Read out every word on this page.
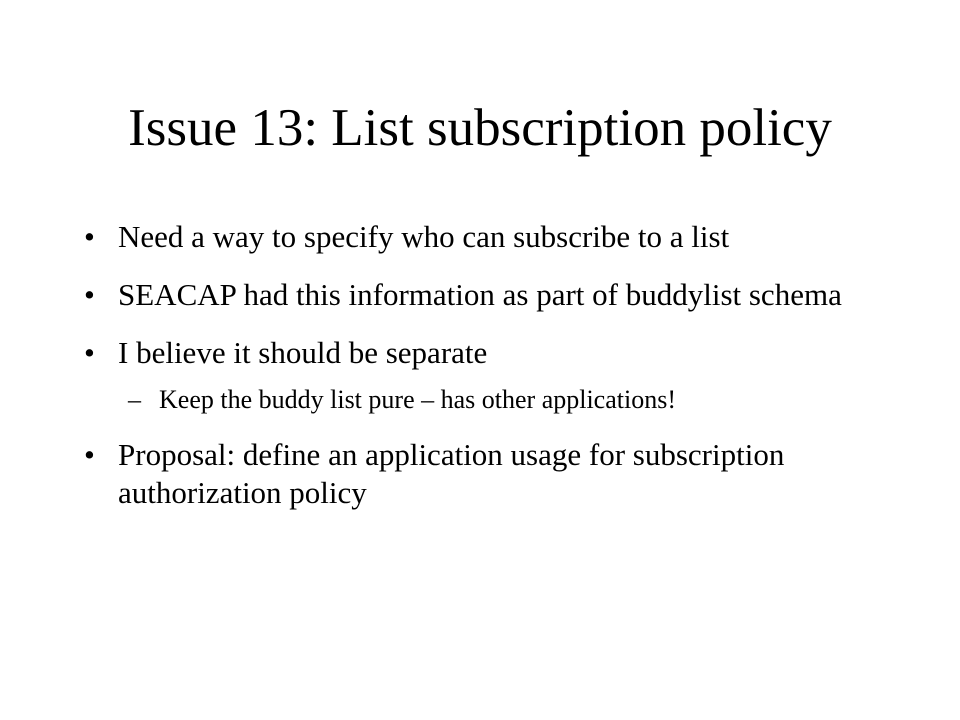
Issue 13: List subscription policy
• Need a way to specify who can subscribe to a list
• SEACAP had this information as part of buddylist schema
• I believe it should be separate
– Keep the buddy list pure – has other applications!
• Proposal: define an application usage for subscription authorization policy
